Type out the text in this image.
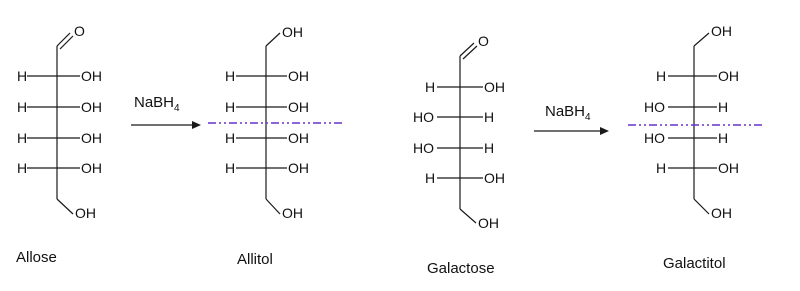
O
OH
H	OH
H	OH
H	OH
H	OH
Allose
NaBH$_4$
OH
OH
H	OH
H	OH
H	OH
H	OH
Allitol
O
OH
H	OH
HO	H
HO	H
H	OH
Galactose
NaBH$_4$
OH
OH
H	OH
HO	H
HO	H
H	OH
Galactitol
